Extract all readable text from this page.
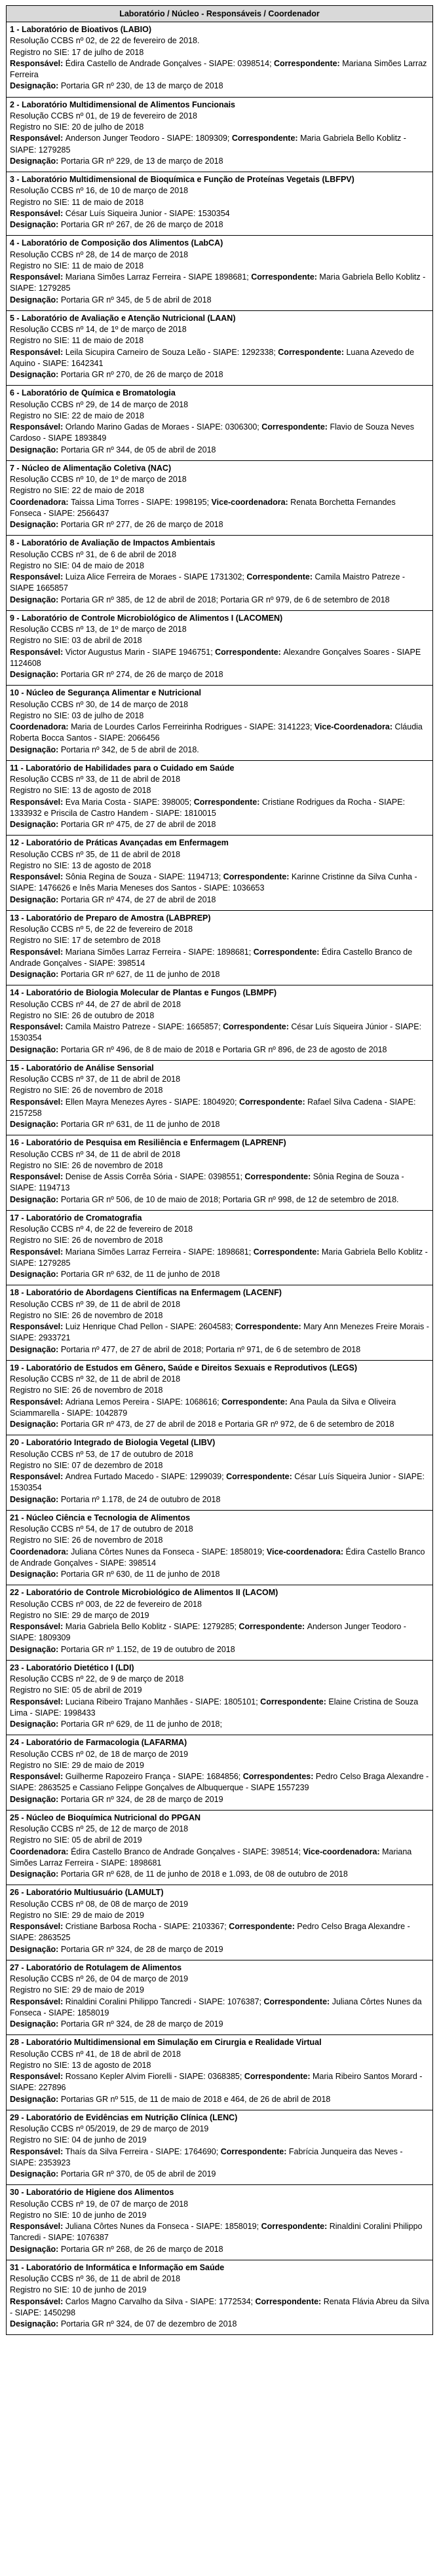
Laboratório / Núcleo - Responsáveis / Coordenador

1 - Laboratório de Bioativos (LABIO)
Resolução CCBS nº 02, de 22 de fevereiro de 2018.
Registro no SIE: 17 de julho de 2018
Responsável: Édira Castello de Andrade Gonçalves - SIAPE: 0398514; Correspondente: Mariana Simões Larraz Ferreira
Designação: Portaria GR nº 230, de 13 de março de 2018

2 - Laboratório Multidimensional de Alimentos Funcionais
Resolução CCBS nº 01, de 19 de fevereiro de 2018
Registro no SIE: 20 de julho de 2018
Responsável: Anderson Junger Teodoro - SIAPE: 1809309; Correspondente: Maria Gabriela Bello Koblitz - SIAPE: 1279285
Designação: Portaria GR nº 229, de 13 de março de 2018

3 - Laboratório Multidimensional de Bioquímica e Função de Proteínas Vegetais (LBFPV)
Resolução CCBS nº 16, de 10 de março de 2018
Registro no SIE: 11 de maio de 2018
Responsável: César Luís Siqueira Junior - SIAPE: 1530354
Designação: Portaria GR nº 267, de 26 de março de 2018

4 - Laboratório de Composição dos Alimentos (LabCA)
Resolução CCBS nº 28, de 14 de março de 2018
Registro no SIE: 11 de maio de 2018
Responsável: Mariana Simões Larraz Ferreira - SIAPE 1898681; Correspondente: Maria Gabriela Bello Koblitz - SIAPE: 1279285
Designação: Portaria GR nº 345, de 5 de abril de 2018

5 - Laboratório de Avaliação e Atenção Nutricional (LAAN)
Resolução CCBS nº 14, de 1º de março de 2018
Registro no SIE: 11 de maio de 2018
Responsável: Leila Sicupira Carneiro de Souza Leão - SIAPE: 1292338; Correspondente: Luana Azevedo de Aquino - SIAPE: 1642341
Designação: Portaria GR nº 270, de 26 de março de 2018

6 - Laboratório de Química e Bromatologia
Resolução CCBS nº 29, de 14 de março de 2018
Registro no SIE: 22 de maio de 2018
Responsável: Orlando Marino Gadas de Moraes - SIAPE: 0306300; Correspondente: Flavio de Souza Neves Cardoso - SIAPE 1893849
Designação: Portaria GR nº 344, de 05 de abril de 2018

7 - Núcleo de Alimentação Coletiva (NAC)
Resolução CCBS nº 10, de 1º de março de 2018
Registro no SIE: 22 de maio de 2018
Coordenadora: Taissa Lima Torres - SIAPE: 1998195; Vice-coordenadora: Renata Borchetta Fernandes Fonseca - SIAPE: 2566437
Designação: Portaria GR nº 277, de 26 de março de 2018

8 - Laboratório de Avaliação de Impactos Ambientais
Resolução CCBS nº 31, de 6 de abril de 2018
Registro no SIE: 04 de maio de 2018
Responsável: Luiza Alice Ferreira de Moraes - SIAPE 1731302; Correspondente: Camila Maistro Patreze - SIAPE 1665857
Designação: Portaria GR nº 385, de 12 de abril de 2018; Portaria GR nº 979, de 6 de setembro de 2018

9 - Laboratório de Controle Microbiológico de Alimentos I (LACOMEN)
Resolução CCBS nº 13, de 1º de março de 2018
Registro no SIE: 03 de abril de 2018
Responsável: Victor Augustus Marin - SIAPE 1946751; Correspondente: Alexandre Gonçalves Soares - SIAPE 1124608
Designação: Portaria GR nº 274, de 26 de março de 2018

10 - Núcleo de Segurança Alimentar e Nutricional
Resolução CCBS nº 30, de 14 de março de 2018
Registro no SIE: 03 de julho de 2018
Coordenadora: Maria de Lourdes Carlos Ferreirinha Rodrigues - SIAPE: 3141223; Vice-Coordenadora: Cláudia Roberta Bocca Santos - SIAPE: 2066456
Designação: Portaria nº 342, de 5 de abril de 2018.

11 - Laboratório de Habilidades para o Cuidado em Saúde
Resolução CCBS nº 33, de 11 de abril de 2018
Registro no SIE: 13 de agosto de 2018
Responsável: Eva Maria Costa - SIAPE: 398005; Correspondente: Cristiane Rodrigues da Rocha - SIAPE: 1333932 e Priscila de Castro Handem - SIAPE: 1810015
Designação: Portaria GR nº 475, de 27 de abril de 2018

12 - Laboratório de Práticas Avançadas em Enfermagem
Resolução CCBS nº 35, de 11 de abril de 2018
Registro no SIE: 13 de agosto de 2018
Responsável: Sônia Regina de Souza - SIAPE: 1194713; Correspondente: Karinne Cristinne da Silva Cunha - SIAPE: 1476626 e Inês Maria Meneses dos Santos - SIAPE: 1036653
Designação: Portaria GR nº 474, de 27 de abril de 2018

13 - Laboratório de Preparo de Amostra (LABPREP)
Resolução CCBS nº 5, de 22 de fevereiro de 2018
Registro no SIE: 17 de setembro de 2018
Responsável: Mariana Simões Larraz Ferreira - SIAPE: 1898681; Correspondente: Édira Castello Branco de Andrade Gonçalves - SIAPE: 398514
Designação: Portaria GR nº 627, de 11 de junho de 2018

14 - Laboratório de Biologia Molecular de Plantas e Fungos (LBMPF)
Resolução CCBS nº 44, de 27 de abril de 2018
Registro no SIE: 26 de outubro de 2018
Responsável: Camila Maistro Patreze - SIAPE: 1665857; Correspondente: César Luís Siqueira Júnior - SIAPE: 1530354
Designação: Portaria GR nº 496, de 8 de maio de 2018 e Portaria GR nº 896, de 23 de agosto de 2018

15 - Laboratório de Análise Sensorial
Resolução CCBS nº 37, de 11 de abril de 2018
Registro no SIE: 26 de novembro de 2018
Responsável: Ellen Mayra Menezes Ayres - SIAPE: 1804920; Correspondente: Rafael Silva Cadena - SIAPE: 2157258
Designação: Portaria GR nº 631, de 11 de junho de 2018

16 - Laboratório de Pesquisa em Resiliência e Enfermagem (LAPRENF)
Resolução CCBS nº 34, de 11 de abril de 2018
Registro no SIE: 26 de novembro de 2018
Responsável: Denise de Assis Corrêa Sória - SIAPE: 0398551; Correspondente: Sônia Regina de Souza - SIAPE: 1194713
Designação: Portaria GR nº 506, de 10 de maio de 2018; Portaria GR nº 998, de 12 de setembro de 2018.

17 - Laboratório de Cromatografia
Resolução CCBS nº 4, de 22 de fevereiro de 2018
Registro no SIE: 26 de novembro de 2018
Responsável: Mariana Simões Larraz Ferreira - SIAPE: 1898681; Correspondente: Maria Gabriela Bello Koblitz - SIAPE: 1279285
Designação: Portaria GR nº 632, de 11 de junho de 2018

18 - Laboratório de Abordagens Científicas na Enfermagem (LACENF)
Resolução CCBS nº 39, de 11 de abril de 2018
Registro no SIE: 26 de novembro de 2018
Responsável: Luiz Henrique Chad Pellon - SIAPE: 2604583; Correspondente: Mary Ann Menezes Freire Morais - SIAPE: 2933721
Designação: Portaria nº 477, de 27 de abril de 2018; Portaria nº 971, de 6 de setembro de 2018

19 - Laboratório de Estudos em Gênero, Saúde e Direitos Sexuais e Reprodutivos (LEGS)
Resolução CCBS nº 32, de 11 de abril de 2018
Registro no SIE: 26 de novembro de 2018
Responsável: Adriana Lemos Pereira - SIAPE: 1068616; Correspondente: Ana Paula da Silva e Oliveira Sciammarella - SIAPE: 1042879
Designação: Portaria GR nº 473, de 27 de abril de 2018 e Portaria GR nº 972, de 6 de setembro de 2018

20 - Laboratório Integrado de Biologia Vegetal (LIBV)
Resolução CCBS nº 53, de 17 de outubro de 2018
Registro no SIE: 07 de dezembro de 2018
Responsável: Andrea Furtado Macedo - SIAPE: 1299039; Correspondente: César Luís Siqueira Junior - SIAPE: 1530354
Designação: Portaria nº 1.178, de 24 de outubro de 2018

21 - Núcleo Ciência e Tecnologia de Alimentos
Resolução CCBS nº 54, de 17 de outubro de 2018
Registro no SIE: 26 de novembro de 2018
Coordenadora: Juliana Côrtes Nunes da Fonseca - SIAPE: 1858019; Vice-coordenadora: Édira Castello Branco de Andrade Gonçalves - SIAPE: 398514
Designação: Portaria GR nº 630, de 11 de junho de 2018

22 - Laboratório de Controle Microbiológico de Alimentos II (LACOM)
Resolução CCBS nº 003, de 22 de fevereiro de 2018
Registro no SIE: 29 de março de 2019
Responsável: Maria Gabriela Bello Koblitz - SIAPE: 1279285; Correspondente: Anderson Junger Teodoro - SIAPE: 1809309
Designação: Portaria GR nº 1.152, de 19 de outubro de 2018

23 - Laboratório Dietético I (LDI)
Resolução CCBS nº 22, de 9 de março de 2018
Registro no SIE: 05 de abril de 2019
Responsável: Luciana Ribeiro Trajano Manhães - SIAPE: 1805101; Correspondente: Elaine Cristina de Souza Lima - SIAPE: 1998433
Designação: Portaria GR nº 629, de 11 de junho de 2018;

24 - Laboratório de Farmacologia (LAFARMA)
Resolução CCBS nº 02, de 18 de março de 2019
Registro no SIE: 29 de maio de 2019
Responsável: Guilherme Rapozeiro França - SIAPE: 1684856; Correspondentes: Pedro Celso Braga Alexandre - SIAPE: 2863525 e Cassiano Felippe Gonçalves de Albuquerque - SIAPE 1557239
Designação: Portaria GR nº 324, de 28 de março de 2019

25 - Núcleo de Bioquímica Nutricional do PPGAN
Resolução CCBS nº 25, de 12 de março de 2018
Registro no SIE: 05 de abril de 2019
Coordenadora: Édira Castello Branco de Andrade Gonçalves - SIAPE: 398514; Vice-coordenadora: Mariana Simões Larraz Ferreira - SIAPE: 1898681
Designação: Portaria GR nº 628, de 11 de junho de 2018 e 1.093, de 08 de outubro de 2018

26 - Laboratório Multiusuário (LAMULT)
Resolução CCBS nº 08, de 08 de março de 2019
Registro no SIE: 29 de maio de 2019
Responsável: Cristiane Barbosa Rocha - SIAPE: 2103367; Correspondente: Pedro Celso Braga Alexandre - SIAPE: 2863525
Designação: Portaria GR nº 324, de 28 de março de 2019

27 - Laboratório de Rotulagem de Alimentos
Resolução CCBS nº 26, de 04 de março de 2019
Registro no SIE: 29 de maio de 2019
Responsável: Rinaldini Coralini Philippo Tancredi - SIAPE: 1076387; Correspondente: Juliana Côrtes Nunes da Fonseca - SIAPE: 1858019
Designação: Portaria GR nº 324, de 28 de março de 2019

28 - Laboratório Multidimensional em Simulação em Cirurgia e Realidade Virtual
Resolução CCBS nº 41, de 18 de abril de 2018
Registro no SIE: 13 de agosto de 2018
Responsável: Rossano Kepler Alvim Fiorelli - SIAPE: 0368385; Correspondente: Maria Ribeiro Santos Morard - SIAPE: 227896
Designação: Portarias GR nº 515, de 11 de maio de 2018 e 464, de 26 de abril de 2018

29 - Laboratório de Evidências em Nutrição Clínica (LENC)
Resolução CCBS nº 05/2019, de 29 de março de 2019
Registro no SIE: 04 de junho de 2019
Responsável: Thaís da Silva Ferreira - SIAPE: 1764690; Correspondente: Fabrícia Junqueira das Neves - SIAPE: 2353923
Designação: Portaria GR nº 370, de 05 de abril de 2019

30 - Laboratório de Higiene dos Alimentos
Resolução CCBS nº 19, de 07 de março de 2018
Registro no SIE: 10 de junho de 2019
Responsável: Juliana Côrtes Nunes da Fonseca - SIAPE: 1858019; Correspondente: Rinaldini Coralini Philippo Tancredi - SIAPE: 1076387
Designação: Portaria GR nº 268, de 26 de março de 2018

31 - Laboratório de Informática e Informação em Saúde
Resolução CCBS nº 36, de 11 de abril de 2018
Registro no SIE: 10 de junho de 2019
Responsável: Carlos Magno Carvalho da Silva - SIAPE: 1772534; Correspondente: Renata Flávia Abreu da Silva - SIAPE: 1450298
Designação: Portaria GR nº 324, de 07 de dezembro de 2018
